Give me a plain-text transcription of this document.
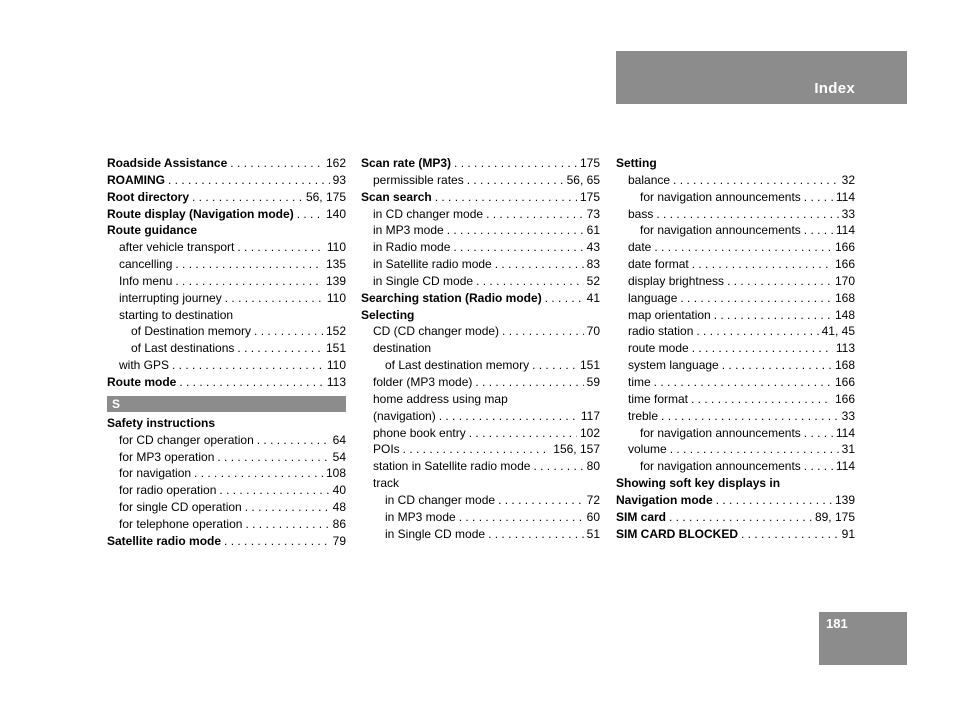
Index
Roadside Assistance . . .	162
ROAMING . . .	93
Root directory . . .	56, 175
Route display (Navigation mode) . . .	140
Route guidance
after vehicle transport . . .	110
cancelling . . .	135
Info menu . . .	139
interrupting journey . . .	110
starting to destination
of Destination memory . . .	152
of Last destinations . . .	151
with GPS . . .	110
Route mode . . .	113
S
Safety instructions
for CD changer operation . . .	64
for MP3 operation . . .	54
for navigation . . .	108
for radio operation . . .	40
for single CD operation . . .	48
for telephone operation . . .	86
Satellite radio mode . . .	79
Scan rate (MP3) . . .	175
permissible rates . . .	56, 65
Scan search . . .	175
in CD changer mode . . .	73
in MP3 mode . . .	61
in Radio mode . . .	43
in Satellite radio mode . . .	83
in Single CD mode . . .	52
Searching station (Radio mode) . . .	41
Selecting
CD (CD changer mode) . . .	70
destination
of Last destination memory . . .	151
folder (MP3 mode) . . .	59
home address using map
(navigation) . . .	117
phone book entry . . .	102
POIs . . .	156, 157
station in Satellite radio mode . . .	80
track
in CD changer mode . . .	72
in MP3 mode . . .	60
in Single CD mode . . .	51
Setting
balance . . .	32
for navigation announcements . . .	114
bass . . .	33
for navigation announcements . . .	114
date . . .	166
date format . . .	166
display brightness . . .	170
language . . .	168
map orientation . . .	148
radio station . . .	41, 45
route mode . . .	113
system language . . .	168
time . . .	166
time format . . .	166
treble . . .	33
for navigation announcements . . .	114
volume . . .	31
for navigation announcements . . .	114
Showing soft key displays in
Navigation mode . . .	139
SIM card . . .	89, 175
SIM CARD BLOCKED . . .	91
181
